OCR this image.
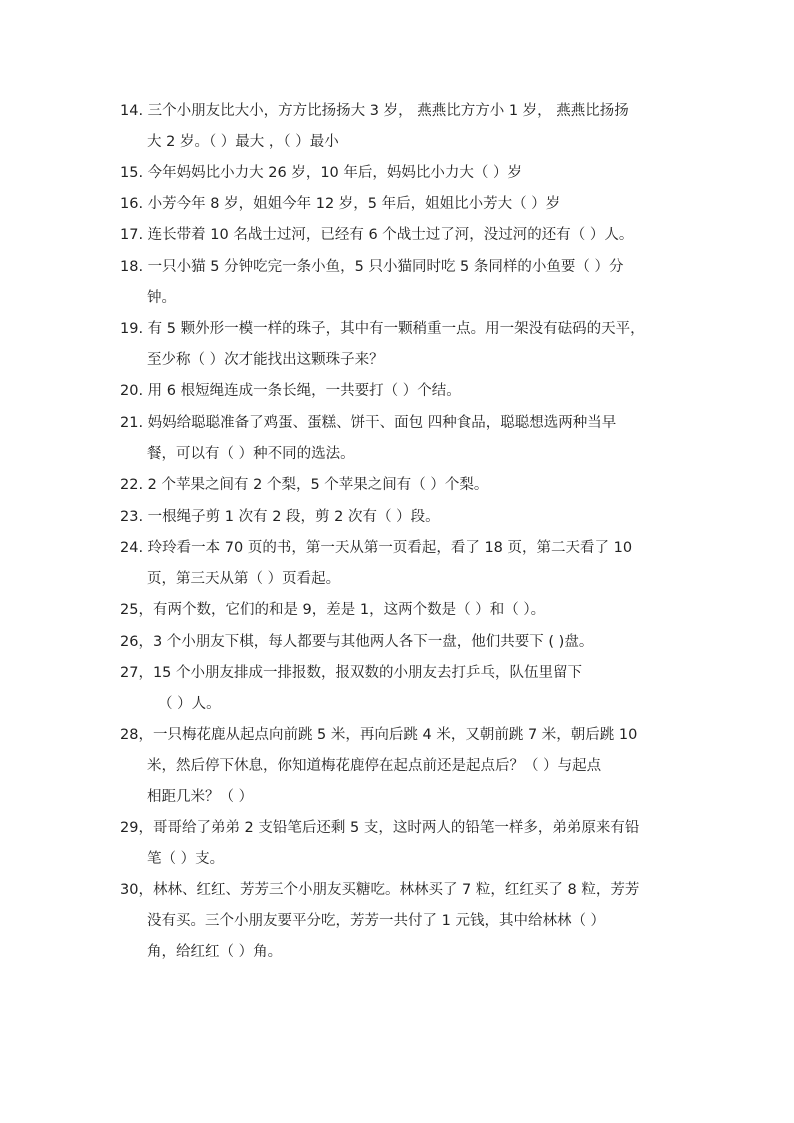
14. 三个小朋友比大小，方方比扬扬大 3 岁， 燕燕比方方小 1 岁， 燕燕比扬扬
大 2 岁。（ ）最大 ，（ ）最小
15. 今年妈妈比小力大 26 岁，10 年后，妈妈比小力大（ ）岁
16. 小芳今年 8 岁，姐姐今年 12 岁，5 年后，姐姐比小芳大（ ）岁
17. 连长带着 10 名战士过河，已经有 6 个战士过了河，没过河的还有（ ）人。
18. 一只小猫 5 分钟吃完一条小鱼，5 只小猫同时吃 5 条同样的小鱼要（ ）分
钟。
19. 有 5 颗外形一模一样的珠子，其中有一颗稍重一点。用一架没有砝码的天平，
至少称（ ）次才能找出这颗珠子来？
20. 用 6 根短绳连成一条长绳，一共要打（ ）个结。
21. 妈妈给聪聪准备了鸡蛋、蛋糕、饼干、面包 四种食品，聪聪想选两种当早
餐，可以有（ ）种不同的选法。
22. 2 个苹果之间有 2 个梨，5 个苹果之间有（ ）个梨。
23. 一根绳子剪 1 次有 2 段，剪 2 次有（ ）段。
24. 玲玲看一本 70 页的书，第一天从第一页看起，看了 18 页，第二天看了 10
页，第三天从第（ ）页看起。
25，有两个数，它们的和是 9，差是 1，这两个数是（ ）和（ ）。
26，3 个小朋友下棋，每人都要与其他两人各下一盘，他们共要下 ( )盘。
27，15 个小朋友排成一排报数，报双数的小朋友去打乒乓，队伍里留下
（ ）人。
28，一只梅花鹿从起点向前跳 5 米，再向后跳 4 米，又朝前跳 7 米，朝后跳 10
米，然后停下休息，你知道梅花鹿停在起点前还是起点后？（ ）与起点
相距几米？（ ）
29，哥哥给了弟弟 2 支铅笔后还剩 5 支，这时两人的铅笔一样多，弟弟原来有铅
笔（ ）支。
30，林林、红红、芳芳三个小朋友买糖吃。林林买了 7 粒，红红买了 8 粒，芳芳
没有买。三个小朋友要平分吃，芳芳一共付了 1 元钱，其中给林林（ ）
角，给红红（ ）角。
